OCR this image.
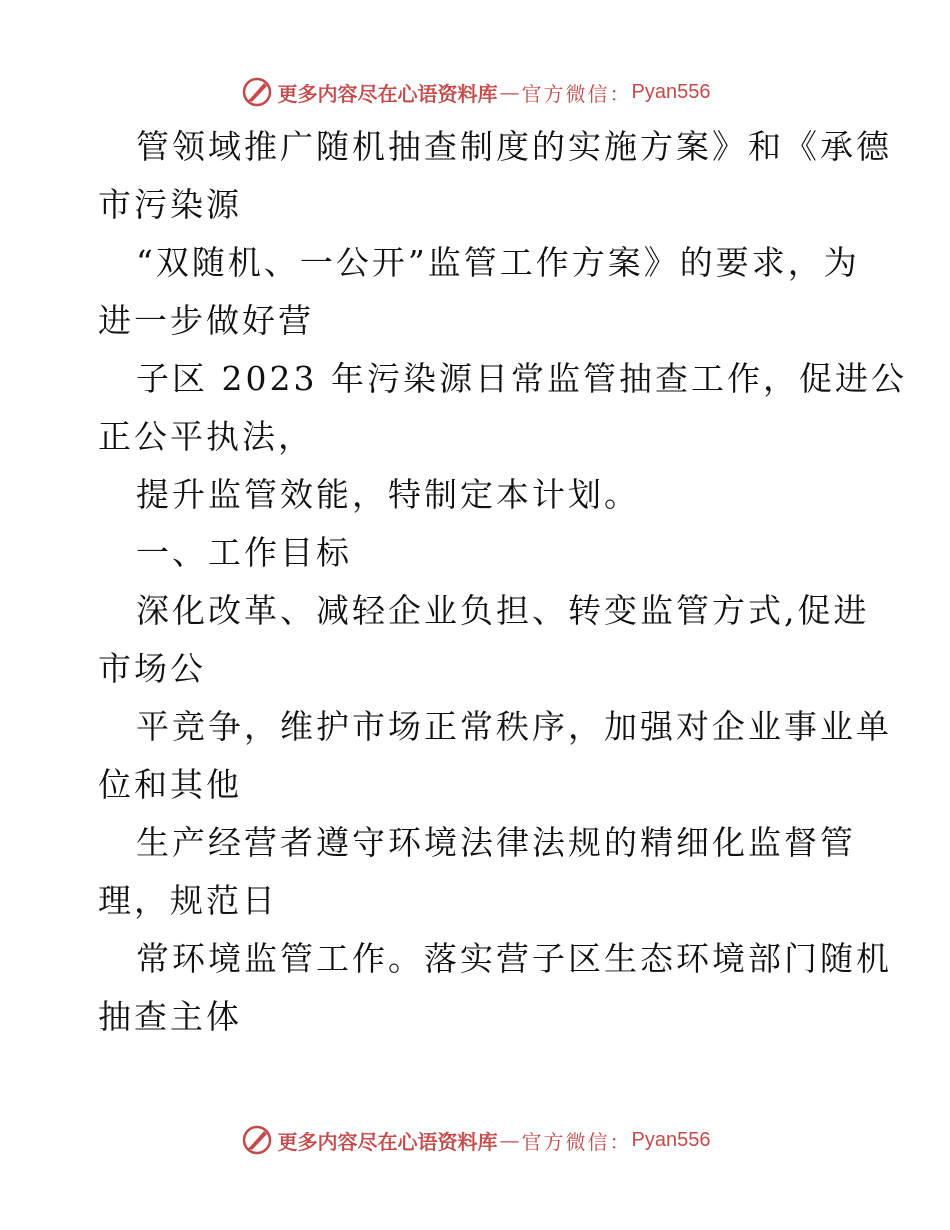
更多内容尽在心语资料库 — 官方微信： Pyan556

管领域推广随机抽查制度的实施方案》和《承德

市污染源

“双随机、一公开”监管工作方案》的要求，为

进一步做好营

子区 2023 年污染源日常监管抽查工作，促进公

正公平执法，

提升监管效能，特制定本计划。

一、工作目标

深化改革、减轻企业负担、转变监管方式,促进

市场公

平竞争，维护市场正常秩序，加强对企业事业单

位和其他

生产经营者遵守环境法律法规的精细化监督管

理，规范日

常环境监管工作。落实营子区生态环境部门随机

抽查主体

更多内容尽在心语资料库 — 官方微信： Pyan556
